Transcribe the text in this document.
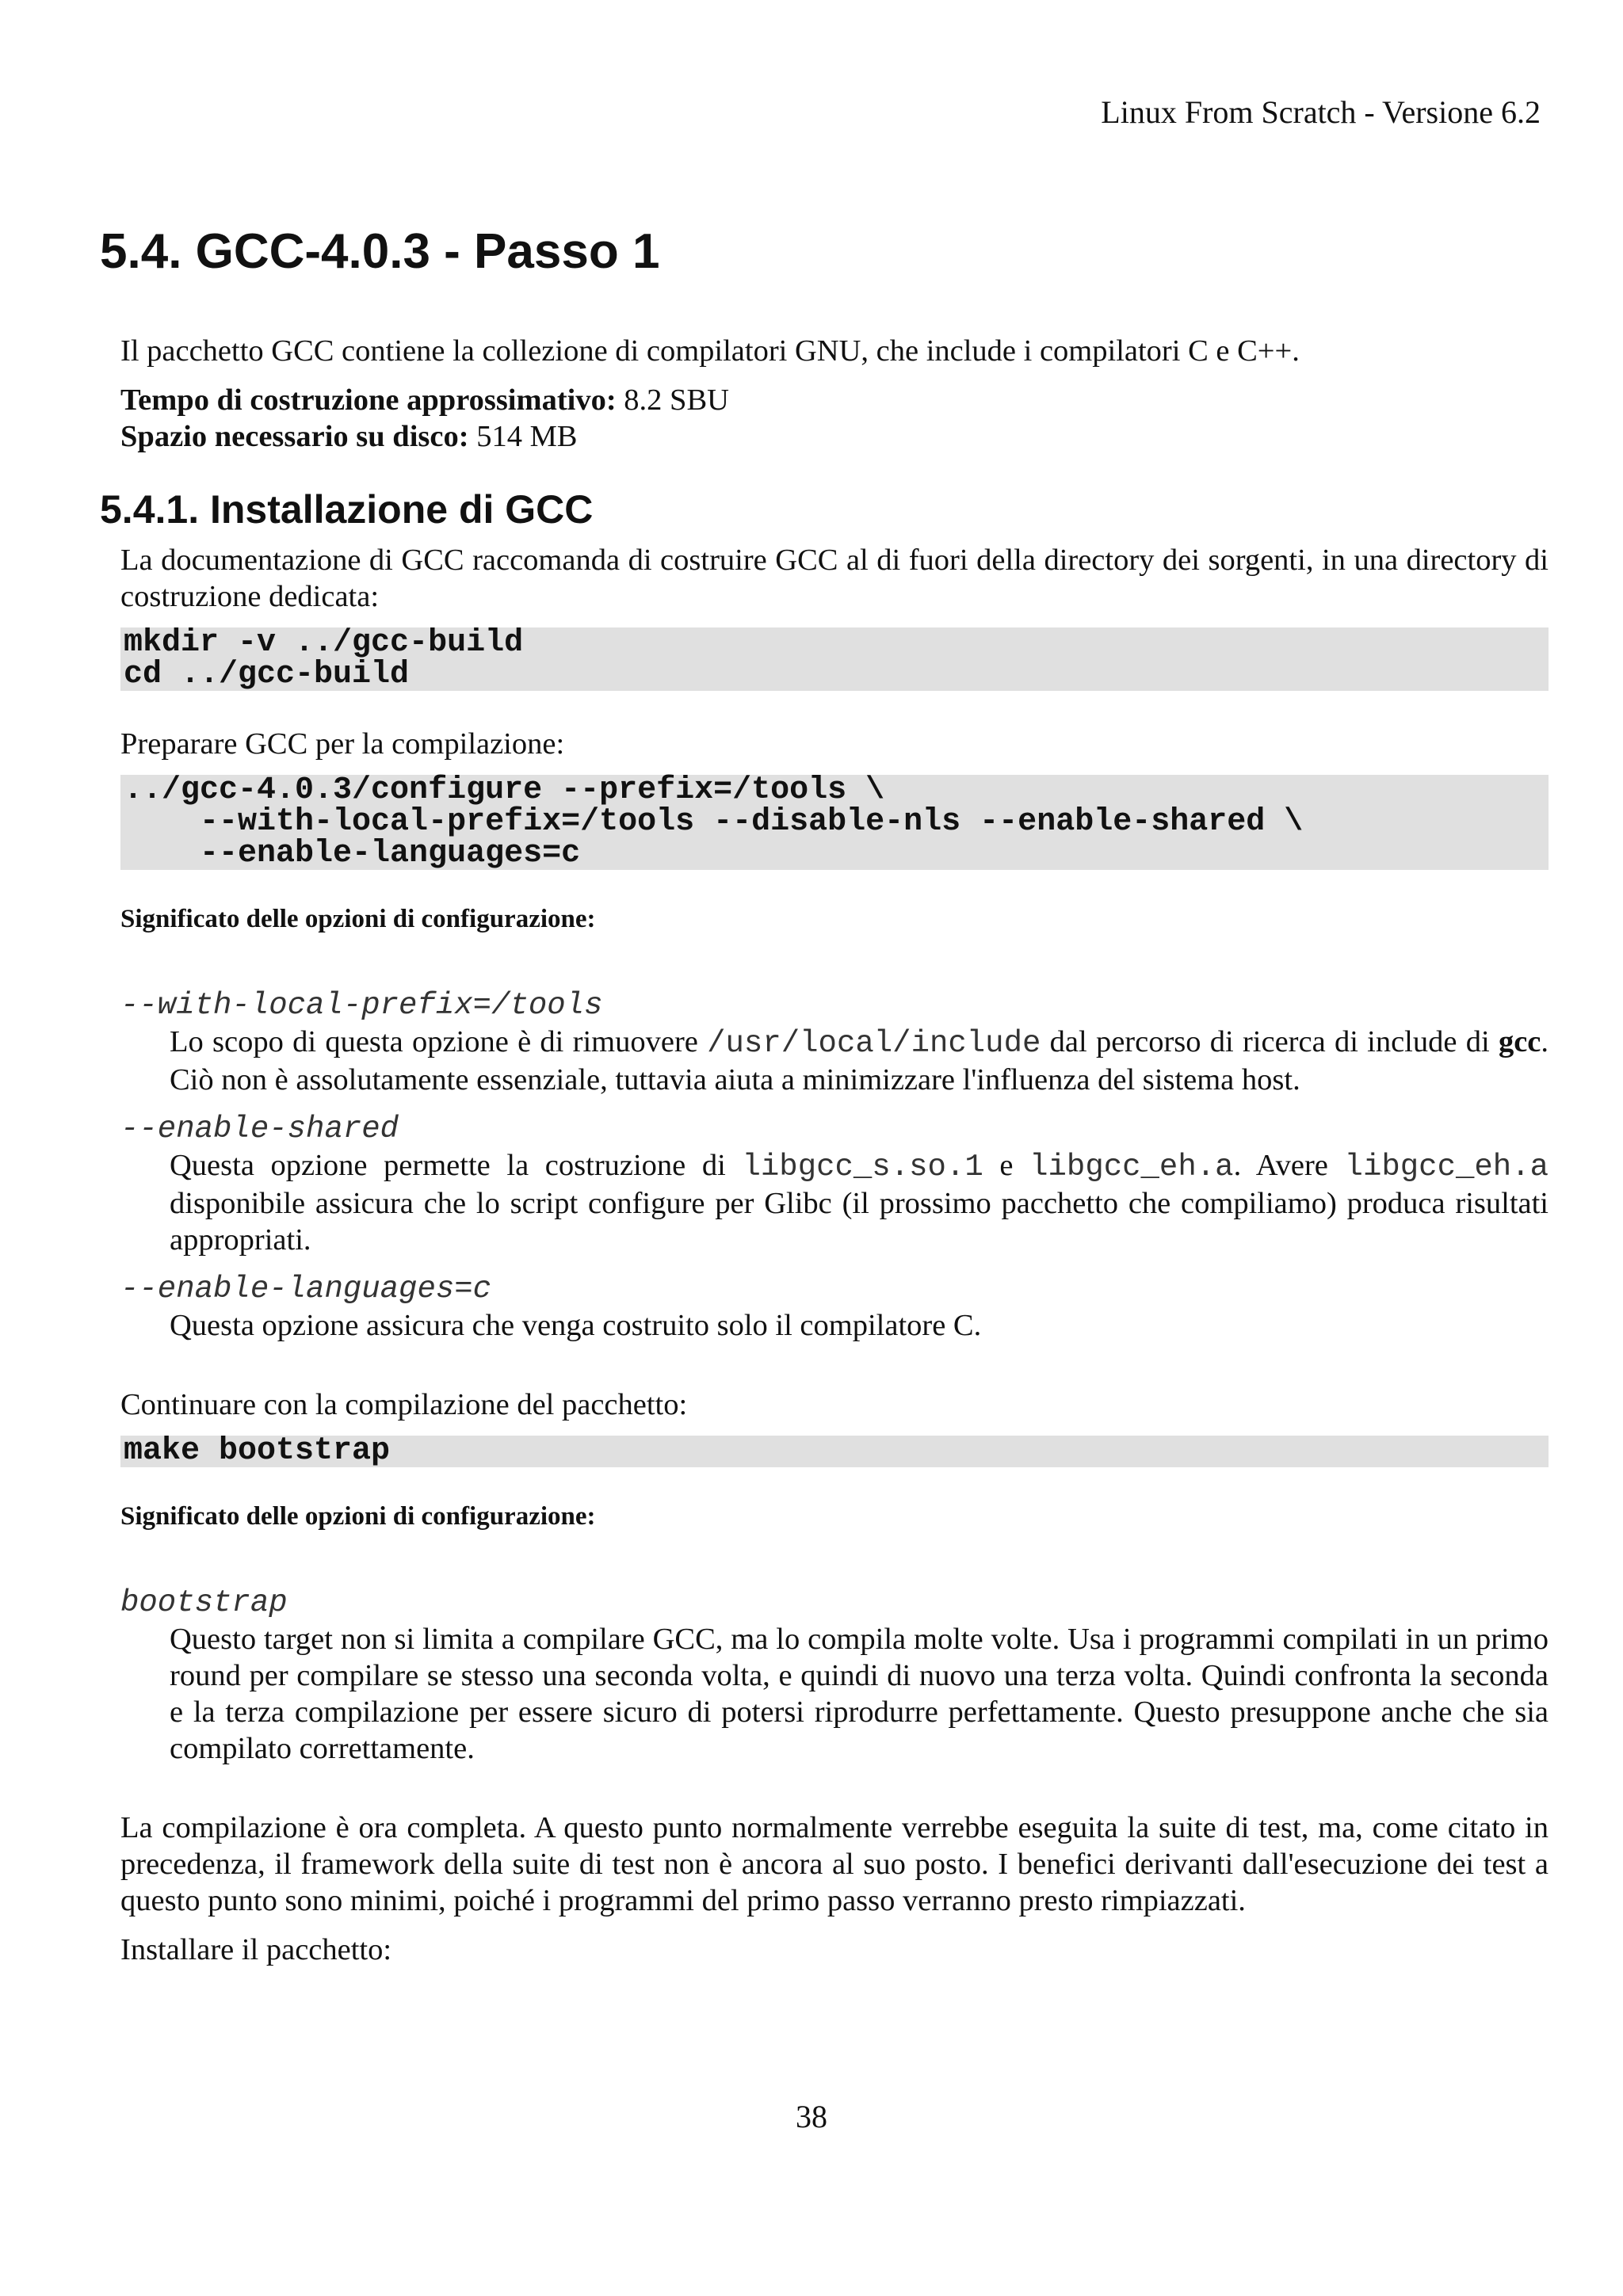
Linux From Scratch - Versione 6.2
5.4. GCC-4.0.3 - Passo 1

Il pacchetto GCC contiene la collezione di compilatori GNU, che include i compilatori C e C++.

Tempo di costruzione approssimativo: 8.2 SBU

Spazio necessario su disco: 514 MB

5.4.1. Installazione di GCC

La documentazione di GCC raccomanda di costruire GCC al di fuori della directory dei sorgenti, in una directory di costruzione dedicata:

mkdir -v ../gcc-build
cd ../gcc-build

Preparare GCC per la compilazione:

../gcc-4.0.3/configure --prefix=/tools \
--with-local-prefix=/tools --disable-nls --enable-shared \
--enable-languages=c
Significato delle opzioni di configurazione:
--with-local-prefix=/tools
Lo scopo di questa opzione è di rimuovere /usr/local/include dal percorso di ricerca di include di gcc. Ciò non è assolutamente essenziale, tuttavia aiuta a minimizzare l'influenza del sistema host.
--enable-shared
Questa opzione permette la costruzione di libgcc_s.so.1 e libgcc_eh.a. Avere libgcc_eh.a disponibile assicura che lo script configure per Glibc (il prossimo pacchetto che compiliamo) produca risultati appropriati.
--enable-languages=c
Questa opzione assicura che venga costruito solo il compilatore C.

Continuare con la compilazione del pacchetto:

make bootstrap
Significato delle opzioni di configurazione:
bootstrap
Questo target non si limita a compilare GCC, ma lo compila molte volte. Usa i programmi compilati in un primo round per compilare se stesso una seconda volta, e quindi di nuovo una terza volta. Quindi confronta la seconda e la terza compilazione per essere sicuro di potersi riprodurre perfettamente. Questo presuppone anche che sia compilato correttamente.

La compilazione è ora completa. A questo punto normalmente verrebbe eseguita la suite di test, ma, come citato in precedenza, il framework della suite di test non è ancora al suo posto. I benefici derivanti dall'esecuzione dei test a questo punto sono minimi, poiché i programmi del primo passo verranno presto rimpiazzati.

Installare il pacchetto:

38
